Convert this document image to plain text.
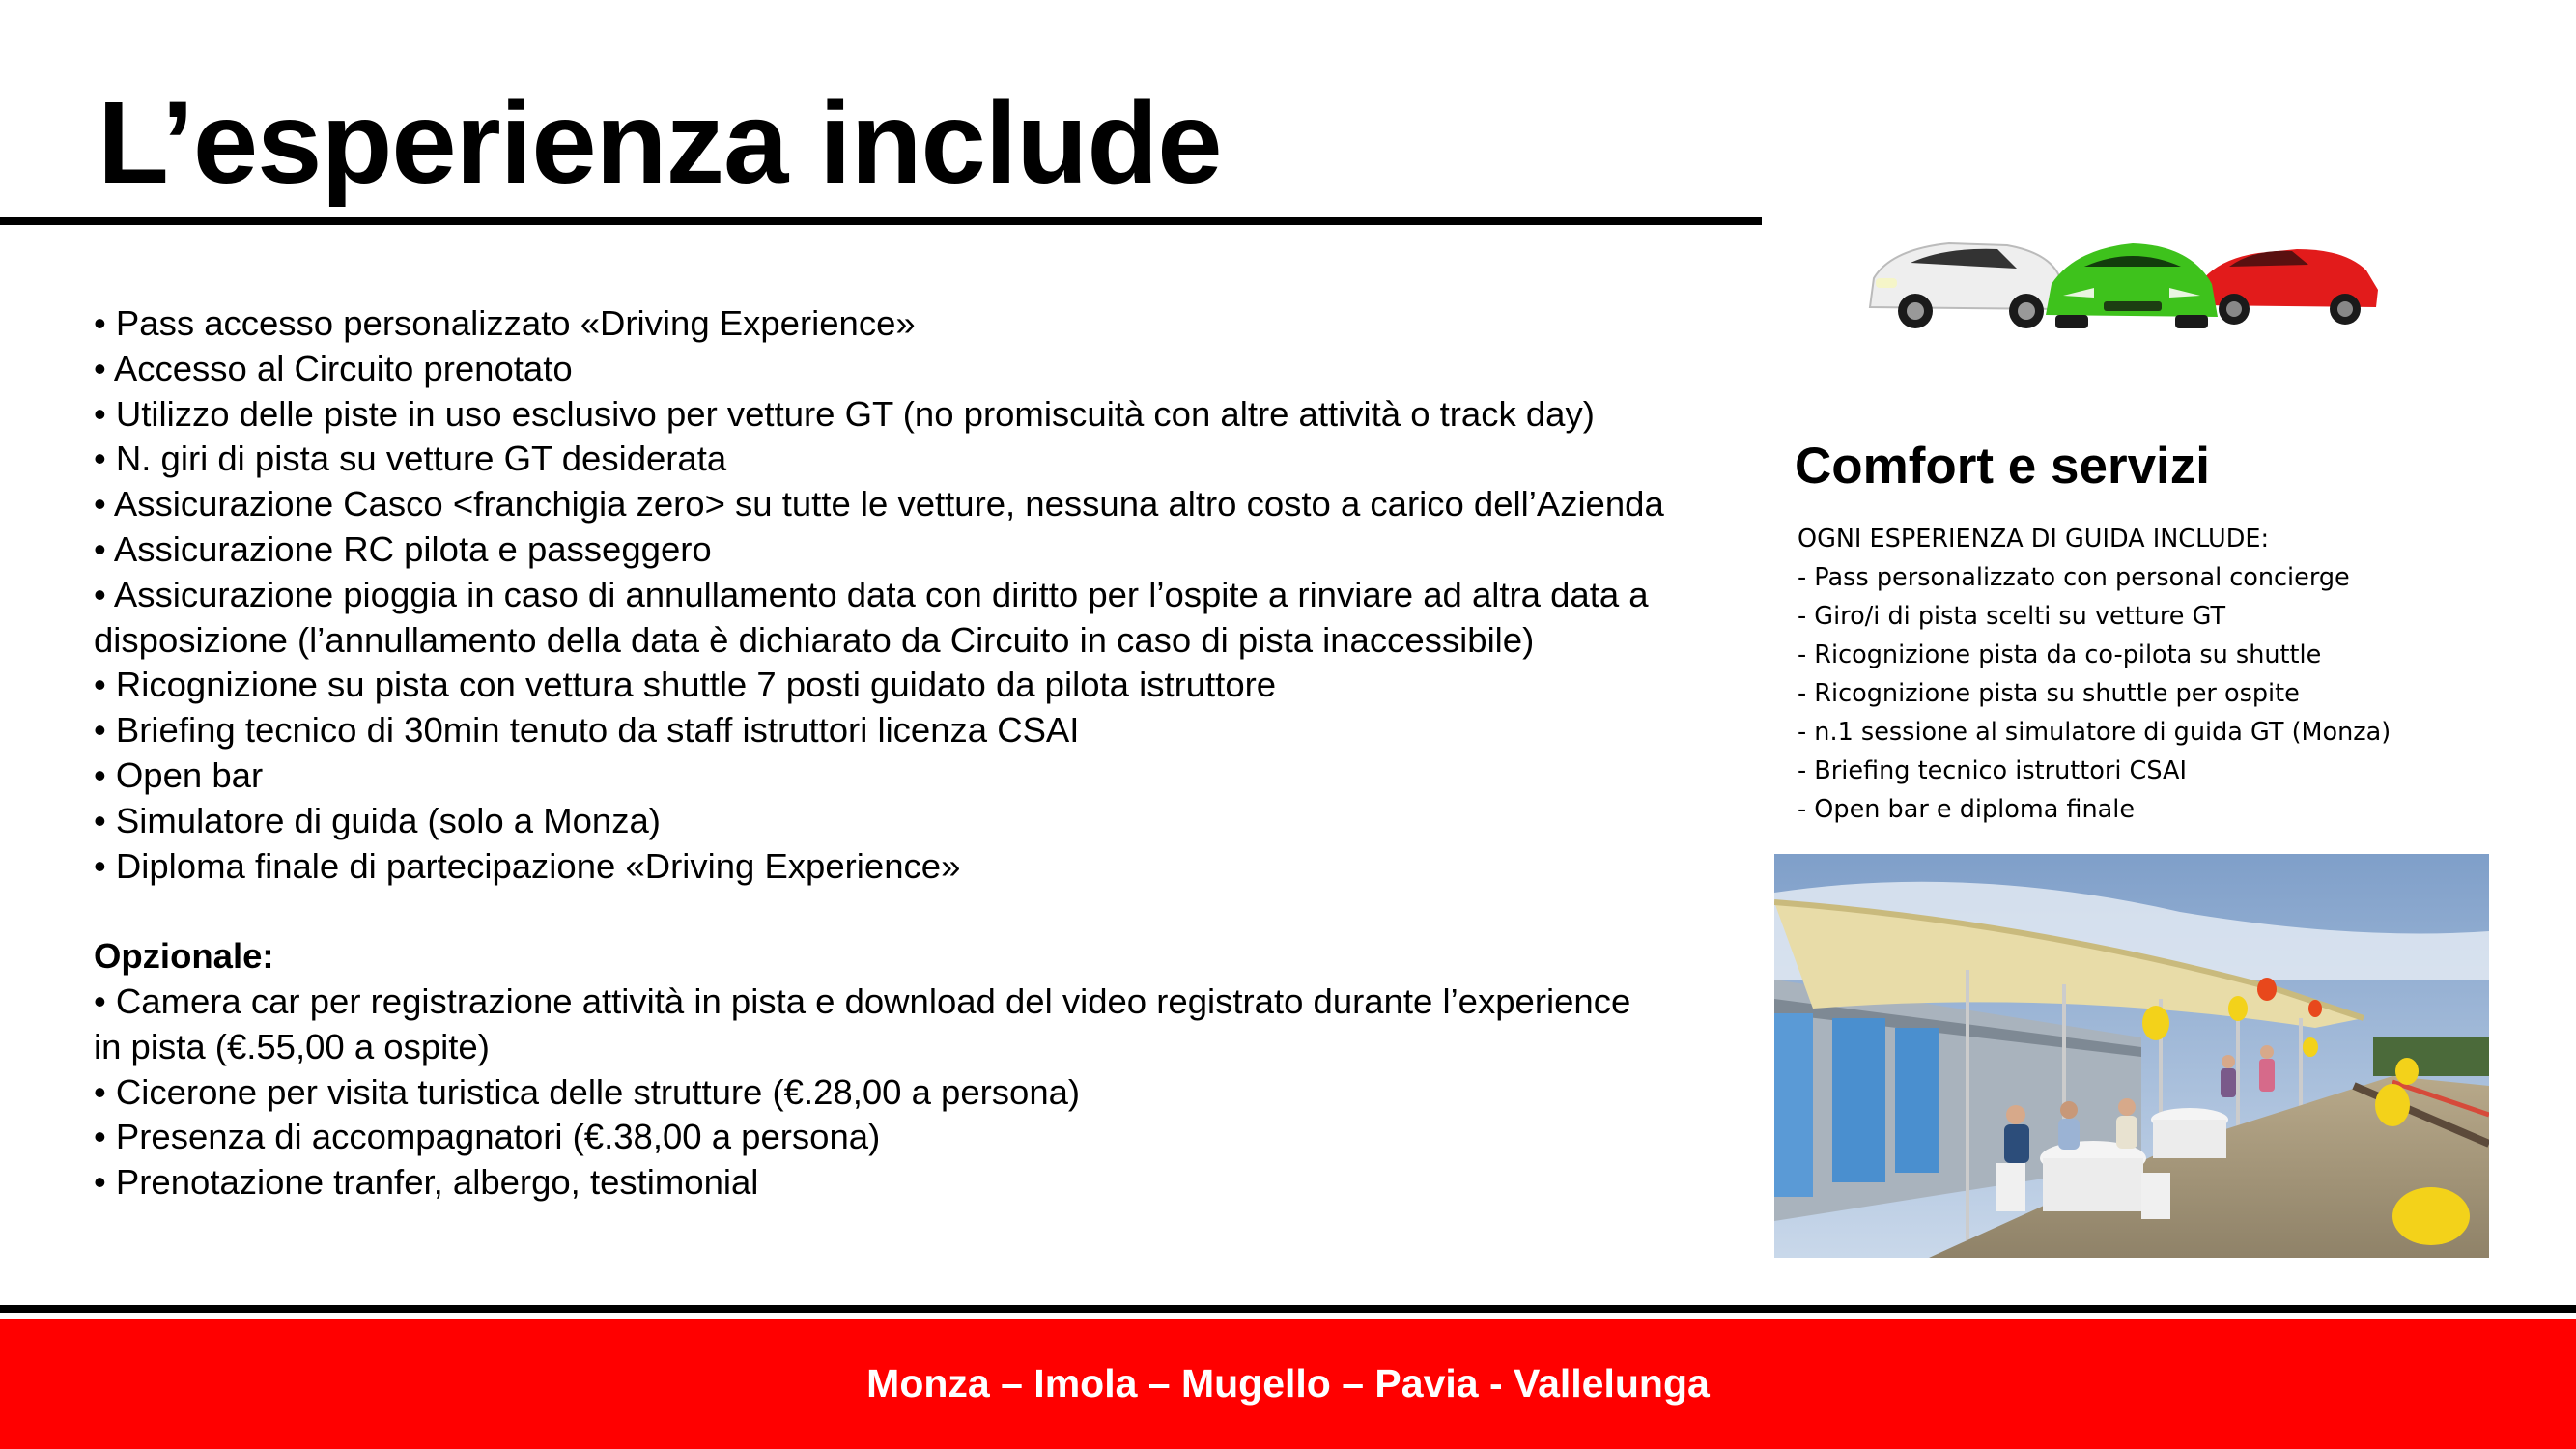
L’esperienza include
• Pass accesso personalizzato «Driving Experience»
• Accesso al Circuito prenotato
• Utilizzo delle piste in uso esclusivo per vetture GT (no promiscuità con altre attività o track day)
• N. giri di pista su vetture GT desiderata
• Assicurazione Casco <franchigia zero> su tutte le vetture, nessuna altro costo a carico dell’Azienda
• Assicurazione RC pilota e passeggero
• Assicurazione pioggia in caso di annullamento data con diritto per l’ospite a rinviare ad altra data a
disposizione (l’annullamento della data è dichiarato da Circuito in caso di pista inaccessibile)
• Ricognizione su pista con vettura shuttle 7 posti guidato da pilota istruttore
• Briefing tecnico di 30min tenuto da staff istruttori licenza CSAI
• Open bar
• Simulatore di guida (solo a Monza)
• Diploma finale di partecipazione «Driving Experience»
Opzionale:
• Camera car per registrazione attività in pista e download del video registrato durante l’experience
in pista (€.55,00 a ospite)
• Cicerone per visita turistica delle strutture (€.28,00 a persona)
• Presenza di accompagnatori (€.38,00 a persona)
• Prenotazione tranfer, albergo, testimonial
Comfort e servizi
OGNI ESPERIENZA DI GUIDA INCLUDE:
- Pass personalizzato con personal concierge
- Giro/i di pista scelti su vetture GT
- Ricognizione pista da co-pilota su shuttle
- Ricognizione pista su shuttle per ospite
- n.1 sessione al simulatore di guida GT (Monza)
- Briefing tecnico istruttori CSAI
- Open bar e diploma finale
Monza – Imola – Mugello – Pavia - Vallelunga
